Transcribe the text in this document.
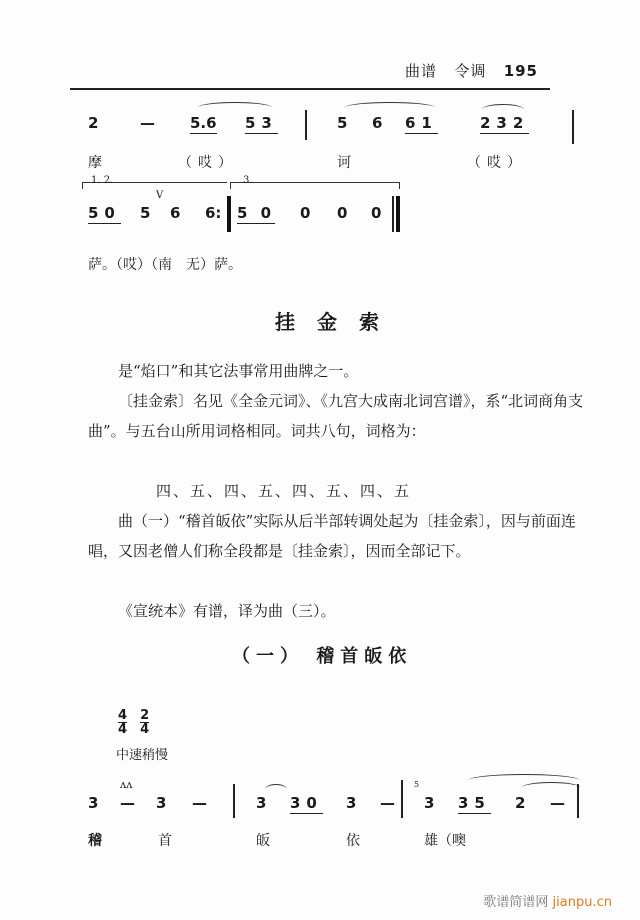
曲谱 令调 195
2	— 5.6 53	5 6 61	232
摩	（哎）	诃	（哎）
1. 2.	3.
V
50 5 6 6: 5 0 0 0 0
萨。（哎）（南　无）萨。
挂金索
是“焰口”和其它法事常用曲牌之一。
〔挂金索〕名见《全金元词》、《九宫大成南北词宫谱》，系“北词商角支曲”。与五台山所用词格相同。词共八句，词格为：
四、五、四、五、四、五、四、五
曲（一）“稽首皈依”实际从后半部转调处起为〔挂金索〕，因与前面连唱，又因老僧人们称全段都是〔挂金索〕，因而全部记下。
《宣统本》有谱，译为曲（三）。
（一） 稽首皈依
$\frac{4}{4}$
$\frac{2}{4}$
中速稍慢
3
ʌʌ
— 3 —	3 30 3 —
5
3 35 2 —
稽	首	皈	依	雄（噢
歌谱简谱网 jianpu.cn
